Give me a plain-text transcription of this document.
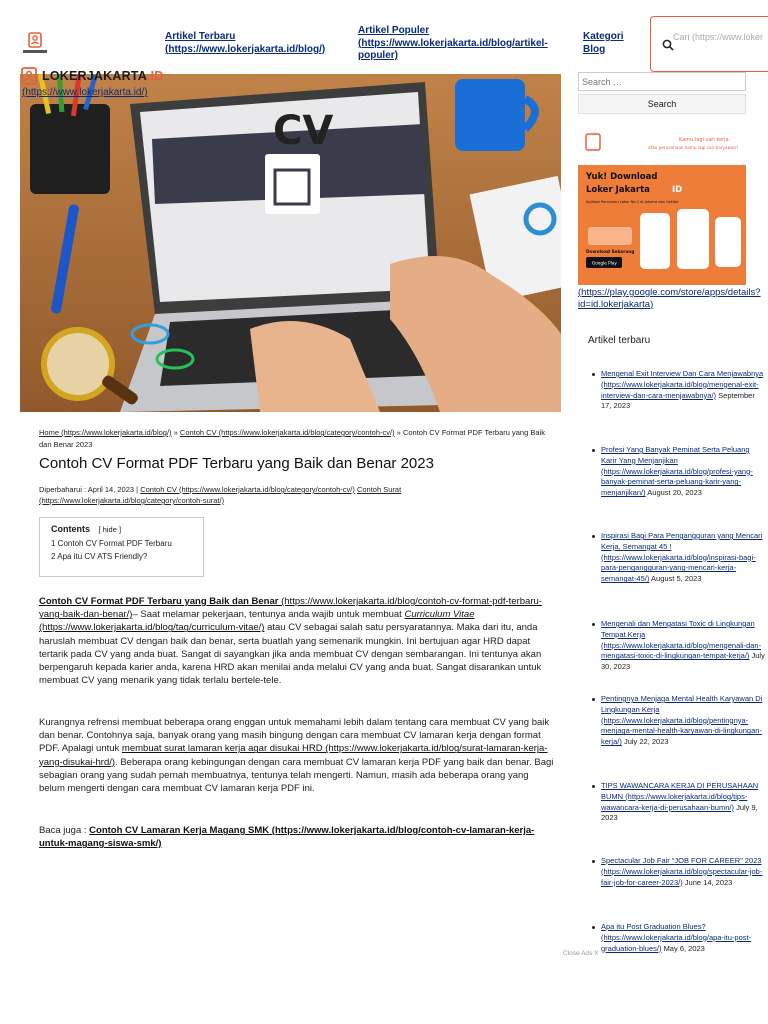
Artikel Terbaru (https://www.lokerjakarta.id/blog/)
Artikel Populer (https://www.lokerjakarta.id/blog/artikel-populer)
Kategori Blog
Cari (https://www.loker
CV
LOKERJAKARTA.ID
(https://www.lokerjakarta.id/)
Home (https://www.lokerjakarta.id/blog/) » Contoh CV (https://www.lokerjakarta.id/blog/category/contoh-cv/) » Contoh CV Format PDF Terbaru yang Baik dan Benar 2023
Contoh CV Format PDF Terbaru yang Baik dan Benar 2023
Diperbaharui : April 14, 2023 | Contoh CV (https://www.lokerjakarta.id/blog/category/contoh-cv/) Contoh Surat (https://www.lokerjakarta.id/blog/category/contoh-surat/)
Contents [ hide ]
1 Contoh CV Format PDF Terbaru
2 Apa itu CV ATS Friendly?

Contoh CV Format PDF Terbaru yang Baik dan Benar (https://www.lokerjakarta.id/blog/contoh-cv-format-pdf-terbaru-yang-baik-dan-benar/)– Saat melamar pekerjaan, tentunya anda wajib untuk membuat Curriculum Vitae (https://www.lokerjakarta.id/blog/tag/curriculum-vitae/) atau CV sebagai salah satu persyaratannya. Maka dari itu, anda haruslah membuat CV dengan baik dan benar, serta buatlah yang semenarik mungkin. Ini bertujuan agar HRD dapat tertarik pada CV yang anda buat. Sangat di sayangkan jika anda membuat CV dengan sembarangan. Ini tentunya akan berpengaruh kepada karier anda, karena HRD akan menilai anda melalui CV yang anda buat. Sangat disarankan untuk membuat CV yang menarik yang tidak terlalu bertele-tele.

Kurangnya refrensi membuat beberapa orang enggan untuk memahami lebih dalam tentang cara membuat CV yang baik dan benar. Contohnya saja, banyak orang yang masih bingung dengan cara membuat CV lamaran kerja dengan format PDF. Apalagi untuk membuat surat lamaran kerja agar disukai HRD (https://www.lokerjakarta.id/blog/surat-lamaran-kerja-yang-disukai-hrd/). Beberapa orang kebingungan dengan cara membuat CV lamaran kerja PDF yang baik dan benar. Bagi sebagian orang yang sudah pernah membuatnya, tentunya telah mengerti. Namun, masih ada beberapa orang yang belum mengerti dengan cara membuat CV lamaran kerja PDF ini.

Baca juga : Contoh CV Lamaran Kerja Magang SMK (https://www.lokerjakarta.id/blog/contoh-cv-lamaran-kerja-untuk-magang-siswa-smk/)

Search …
Search
Kamu lagi cari kerja
atau perusahaan kamu lagi cari karyawan?
Yuk! Download
Loker Jakarta	ID
Aplikasi Pencarian Loker No 1 di Jakarta dan Sekitar
Download Sekarang
Google Play
(https://play.google.com/store/apps/details?id=id.lokerjakarta)
Artikel terbaru
Mengenal Exit Interview Dan Cara Menjawabnya (https://www.lokerjakarta.id/blog/mengenal-exit-interview-dan-cara-menjawabnya/) September 17, 2023
Profesi Yang Banyak Peminat Serta Peluang Karir Yang Menjanjikan (https://www.lokerjakarta.id/blog/profesi-yang-banyak-peminat-serta-peluang-karir-yang-menjanjikan/) August 20, 2023
Inspirasi Bagi Para Pengangguran yang Mencari Kerja, Semangat 45 ! (https://www.lokerjakarta.id/blog/inspirasi-bagi-para-pengangguran-yang-mencari-kerja-semangat-45/) August 5, 2023
Mengenali dan Mengatasi Toxic di Lingkungan Tempat Kerja (https://www.lokerjakarta.id/blog/mengenali-dan-mengatasi-toxic-di-lingkungan-tempat-kerja/) July 30, 2023
Pentingnya Menjaga Mental Health Karyawan Di Lingkungan Kerja (https://www.lokerjakarta.id/blog/pentingnya-menjaga-mental-health-karyawan-di-lingkungan-kerja/) July 22, 2023
TIPS WAWANCARA KERJA DI PERUSAHAAN BUMN (https://www.lokerjakarta.id/blog/tips-wawancara-kerja-di-perusahaan-bumn/) July 9, 2023
Spectacular Job Fair “JOB FOR CAREER” 2023 (https://www.lokerjakarta.id/blog/spectacular-job-fair-job-for-career-2023/) June 14, 2023
Apa itu Post Graduation Blues? (https://www.lokerjakarta.id/blog/apa-itu-post-graduation-blues/) May 6, 2023
Close Ads X
